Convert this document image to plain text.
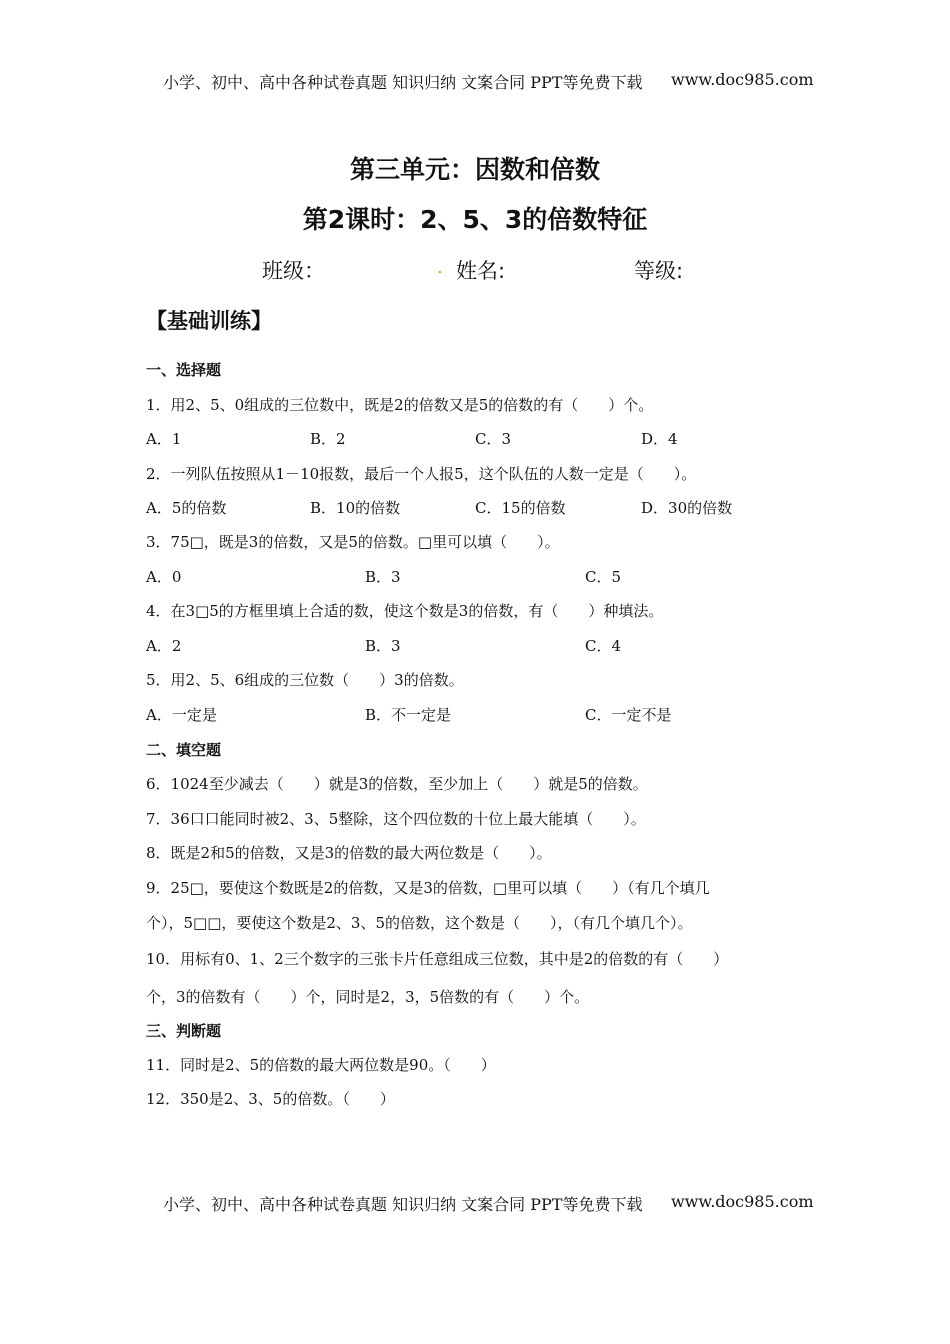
小学、初中、高中各种试卷真题 知识归纳 文案合同 PPT等免费下载 www.doc985.com
第三单元：因数和倍数
第2课时：2、5、3的倍数特征
班级：	. 姓名:	等级:
【基础训练】
一、选择题
1．用2、5、0组成的三位数中，既是2的倍数又是5的倍数的有（　　）个。
A．1	B．2	C．3	D．4
2．一列队伍按照从1－10报数，最后一个人报5，这个队伍的人数一定是（　　）。
A．5的倍数	B．10的倍数	C．15的倍数	D．30的倍数
3．75□，既是3的倍数，又是5的倍数。□里可以填（　　）。
A．0	B．3	C．5
4．在3□5的方框里填上合适的数，使这个数是3的倍数，有（　　）种填法。
A．2	B．3	C．4
5．用2、5、6组成的三位数（　　）3的倍数。
A．一定是	B．不一定是	C．一定不是
二、填空题
6．1024至少减去（　　）就是3的倍数，至少加上（　　）就是5的倍数。
7．36口口能同时被2、3、5整除，这个四位数的十位上最大能填（　　）。
8．既是2和5的倍数，又是3的倍数的最大两位数是（　　）。
9．25□，要使这个数既是2的倍数，又是3的倍数，□里可以填（　　）（有几个填几
个），5□□，要使这个数是2、3、5的倍数，这个数是（　　），（有几个填几个）。
10．用标有0、1、2三个数字的三张卡片任意组成三位数，其中是2的倍数的有（　　）
个，3的倍数有（　　）个，同时是2，3，5倍数的有（　　）个。
三、判断题
11．同时是2、5的倍数的最大两位数是90。（　　）
12．350是2、3、5的倍数。（　　）
小学、初中、高中各种试卷真题 知识归纳 文案合同 PPT等免费下载 www.doc985.com
